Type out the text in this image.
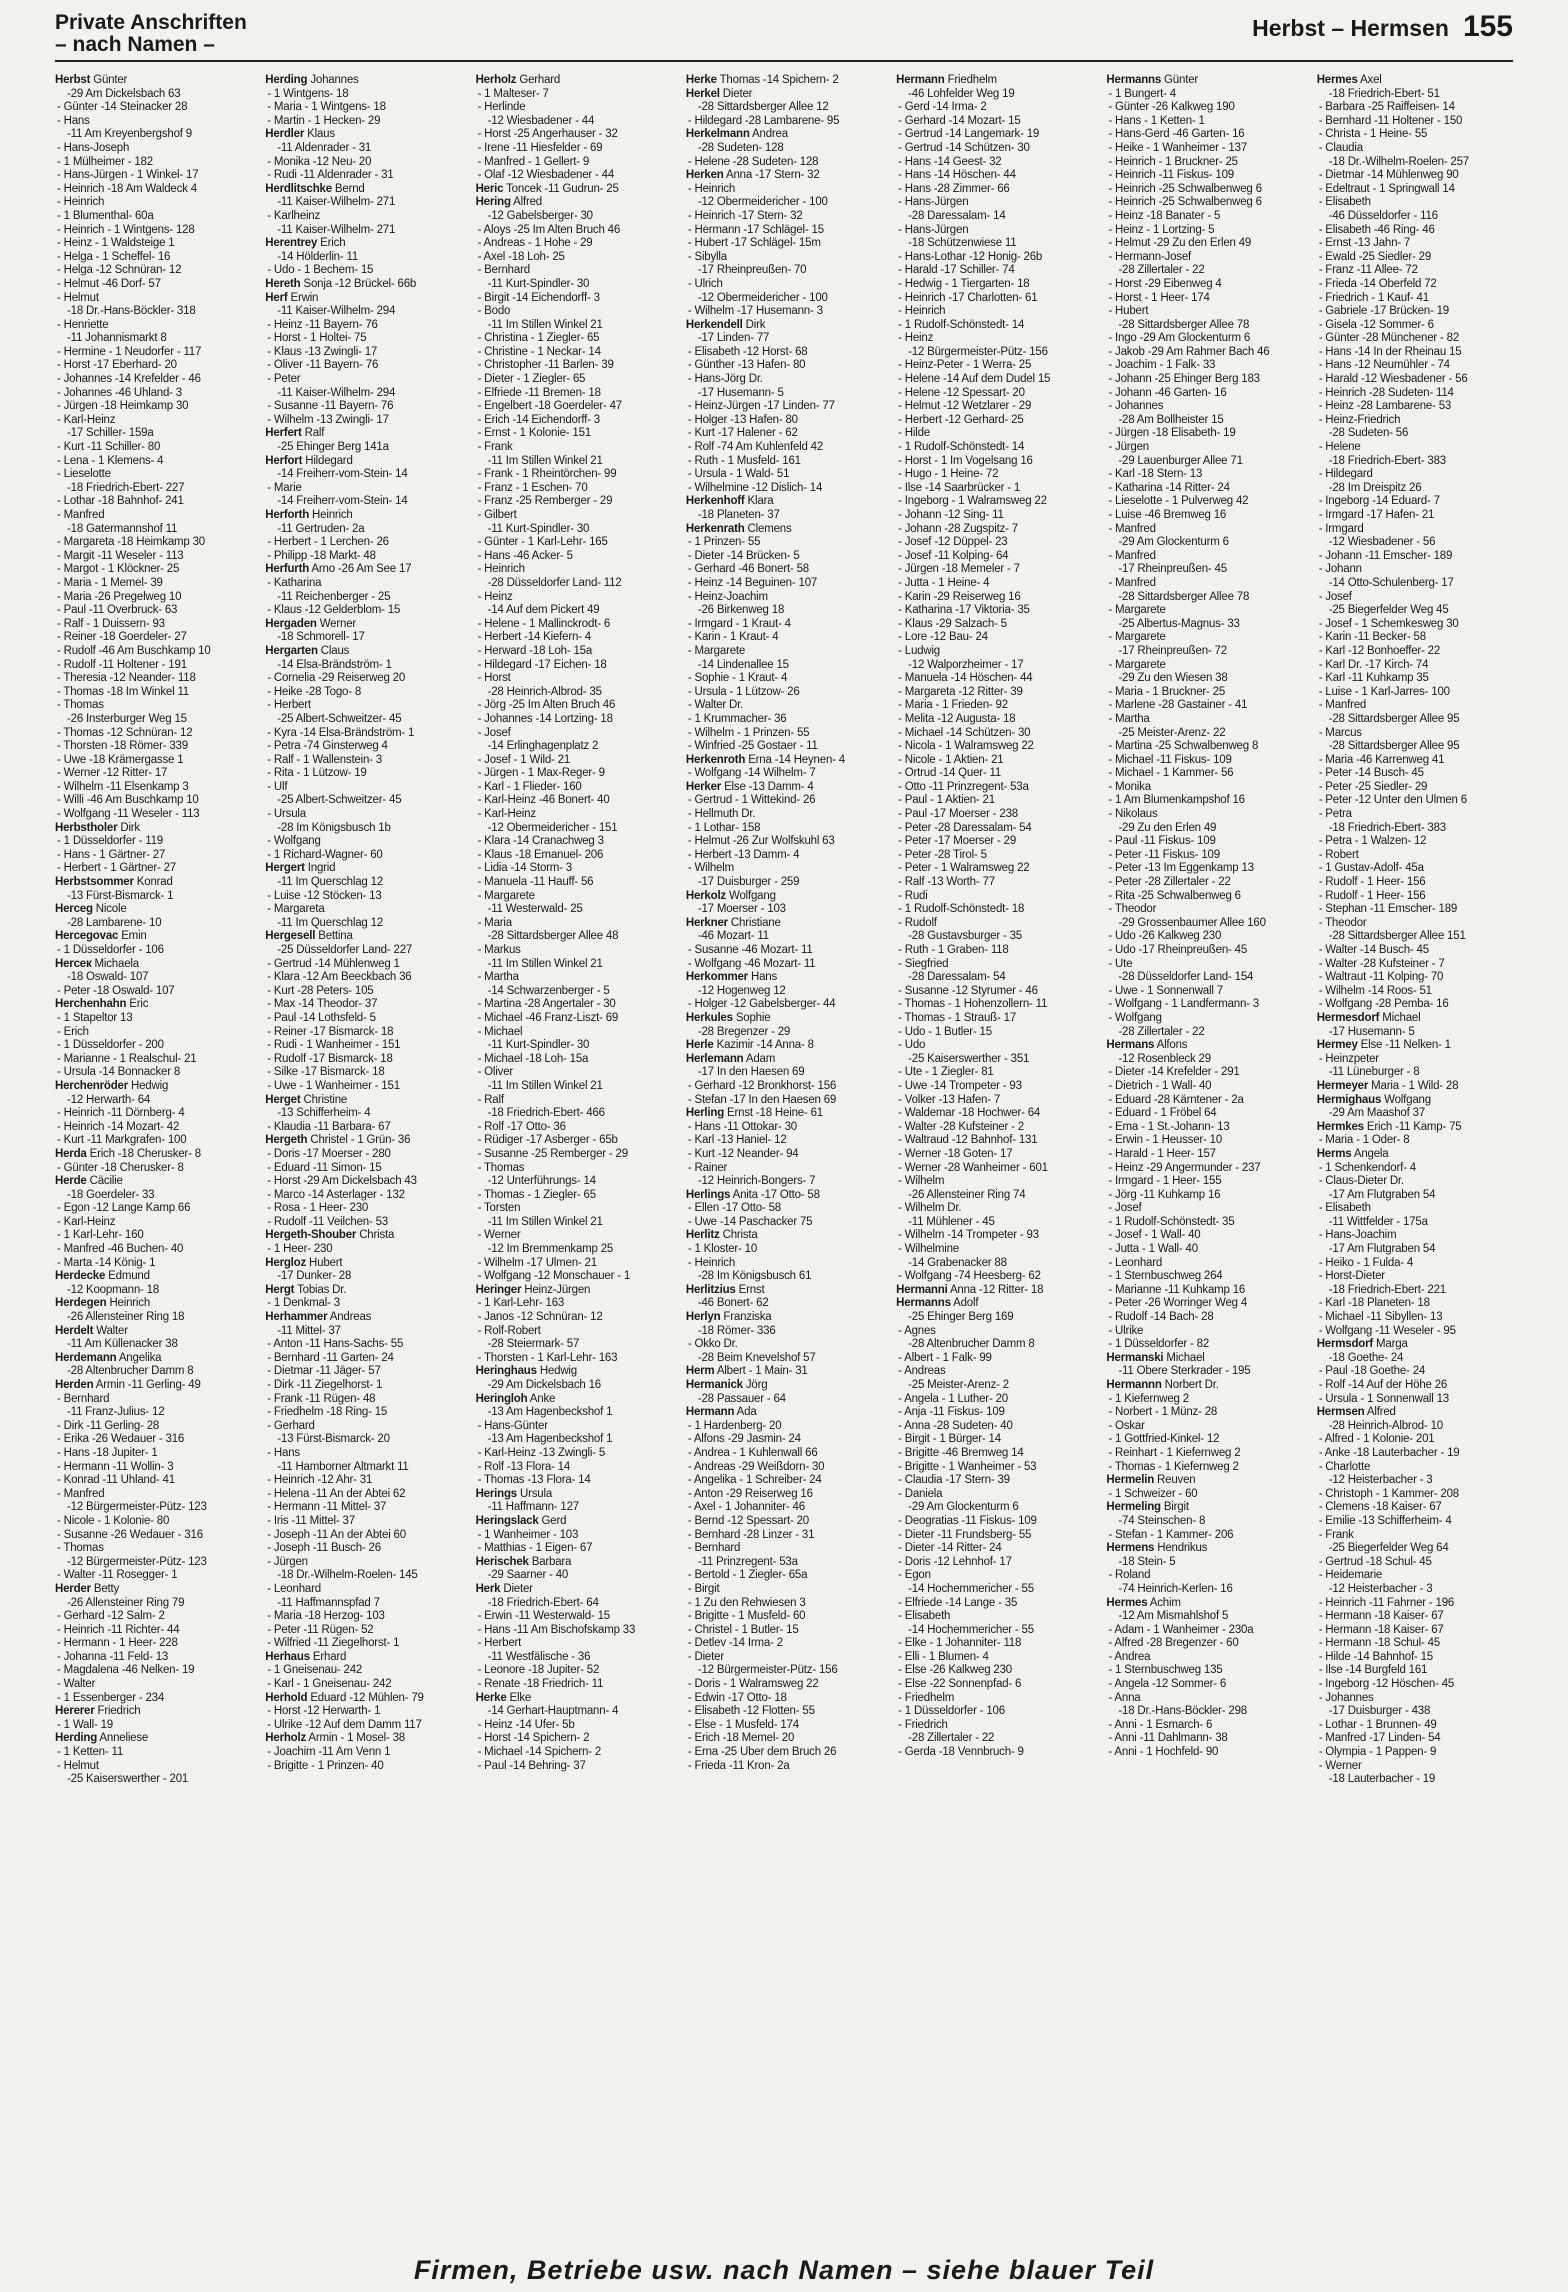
Private Anschriften
– nach Namen –
Herbst – Hermsen 155
Herbst Günter
-29 Am Dickelsbach 63
- Günter -14 Steinacker 28
- Hans
-11 Am Kreyenbergshof 9
- Hans-Joseph
- 1 Mülheimer - 182
- Hans-Jürgen - 1 Winkel- 17
- Heinrich -18 Am Waldeck 4
- Heinrich
- 1 Blumenthal- 60a
- Heinrich - 1 Wintgens- 128
- Heinz - 1 Waldsteige 1
- Helga - 1 Scheffel- 16
- Helga -12 Schnüran- 12
- Helmut -46 Dorf- 57
- Helmut
-18 Dr.-Hans-Böckler- 318
- Henriette
-11 Johannismarkt 8
- Hermine - 1 Neudorfer - 117
- Horst -17 Eberhard- 20
- Johannes -14 Krefelder - 46
- Johannes -46 Uhland- 3
- Jürgen -18 Heimkamp 30
- Karl-Heinz
-17 Schiller- 159a
- Kurt -11 Schiller- 80
- Lena - 1 Klemens- 4
- Lieselotte
-18 Friedrich-Ebert- 227
- Lothar -18 Bahnhof- 241
- Manfred
-18 Gatermannshof 11
- Margareta -18 Heimkamp 30
- Margit -11 Weseler - 113
- Margot - 1 Klöckner- 25
- Maria - 1 Memel- 39
- Maria -26 Pregelweg 10
- Paul -11 Overbruck- 63
- Ralf - 1 Duissern- 93
- Reiner -18 Goerdeler- 27
- Rudolf -46 Am Buschkamp 10
- Rudolf -11 Holtener - 191
- Theresia -12 Neander- 118
- Thomas -18 Im Winkel 11
- Thomas
-26 Insterburger Weg 15
- Thomas -12 Schnüran- 12
- Thorsten -18 Römer- 339
- Uwe -18 Krämergasse 1
- Werner -12 Ritter- 17
- Wilhelm -11 Elsenkamp 3
- Willi -46 Am Buschkamp 10
- Wolfgang -11 Weseler - 113
Herbstholer Dirk
- 1 Düsseldorfer - 119
- Hans - 1 Gärtner- 27
- Herbert - 1 Gärtner- 27
Herbstsommer Konrad
-13 Fürst-Bismarck- 1
Herceg Nicole
-28 Lambarene- 10
Hercegovac Emin
- 1 Düsseldorfer - 106
Herceк Michaela
-18 Oswald- 107
- Peter -18 Oswald- 107
Herchenhahn Eric
- 1 Stapeltor 13
- Erich
- 1 Düsseldorfer - 200
- Marianne - 1 Realschul- 21
- Ursula -14 Bonnacker 8
Herchenröder Hedwig
-12 Herwarth- 64
- Heinrich -11 Dörnberg- 4
- Heinrich -14 Mozart- 42
- Kurt -11 Markgrafen- 100
Herda Erich -18 Cherusker- 8
- Günter -18 Cherusker- 8
Herde Cäcilie
-18 Goerdeler- 33
- Egon -12 Lange Kamp 66
- Karl-Heinz
- 1 Karl-Lehr- 160
- Manfred -46 Buchen- 40
- Marta -14 König- 1
Herdecke Edmund
-12 Koopmann- 18
Herdegen Heinrich
-26 Allensteiner Ring 18
Herdelt Walter
-11 Am Küllenacker 38
Herdemann Angelika
-28 Altenbrucher Damm 8
Herden Armin -11 Gerling- 49
- Bernhard
-11 Franz-Julius- 12
- Dirk -11 Gerling- 28
- Erika -26 Wedauer - 316
- Hans -18 Jupiter- 1
- Hermann -11 Wollin- 3
- Konrad -11 Uhland- 41
- Manfred
-12 Bürgermeister-Pütz- 123
- Nicole - 1 Kolonie- 80
- Susanne -26 Wedauer - 316
- Thomas
-12 Bürgermeister-Pütz- 123
- Walter -11 Rosegger- 1
Herder Betty
-26 Allensteiner Ring 79
- Gerhard -12 Salm- 2
- Heinrich -11 Richter- 44
- Hermann - 1 Heer- 228
- Johanna -11 Feld- 13
- Magdalena -46 Nelken- 19
- Walter
- 1 Essenberger - 234
Hererer Friedrich
- 1 Wall- 19
Herding Anneliese
- 1 Ketten- 11
- Helmut
-25 Kaiserswerther - 201
Herding Johannes
- 1 Wintgens- 18
- Maria - 1 Wintgens- 18
- Martin - 1 Hecken- 29
Herdler Klaus
-11 Aldenrader - 31
- Monika -12 Neu- 20
- Rudi -11 Aldenrader - 31
Herdlitschke Bernd
-11 Kaiser-Wilhelm- 271
- Karlheinz
-11 Kaiser-Wilhelm- 271
Herentrey Erich
-14 Hölderlin- 11
- Udo - 1 Bechem- 15
Hereth Sonja -12 Brückel- 66b
Herf Erwin
-11 Kaiser-Wilhelm- 294
- Heinz -11 Bayern- 76
- Horst - 1 Holtei- 75
- Klaus -13 Zwingli- 17
- Oliver -11 Bayern- 76
- Peter
-11 Kaiser-Wilhelm- 294
- Susanne -11 Bayern- 76
- Wilhelm -13 Zwingli- 17
Herfert Ralf
-25 Ehinger Berg 141a
Herfort Hildegard
-14 Freiherr-vom-Stein- 14
- Marie
-14 Freiherr-vom-Stein- 14
Herforth Heinrich
-11 Gertruden- 2a
- Herbert - 1 Lerchen- 26
- Philipp -18 Markt- 48
Herfurth Arno -26 Am See 17
- Katharina
-11 Reichenberger - 25
- Klaus -12 Gelderblom- 15
Hergaden Werner
-18 Schmorell- 17
Hergarten Claus
-14 Elsa-Brändström- 1
- Cornelia -29 Reiserweg 20
- Heike -28 Togo- 8
- Herbert
-25 Albert-Schweitzer- 45
- Kyra -14 Elsa-Brändström- 1
- Petra -74 Ginsterweg 4
- Ralf - 1 Wallenstein- 3
- Rita - 1 Lützow- 19
- Ulf
-25 Albert-Schweitzer- 45
- Ursula
-28 Im Königsbusch 1b
- Wolfgang
- 1 Richard-Wagner- 60
Hergert Ingrid
-11 Im Querschlag 12
- Luise -12 Stöcken- 13
- Margareta
-11 Im Querschlag 12
Hergesell Bettina
-25 Düsseldorfer Land- 227
- Gertrud -14 Mühlenweg 1
- Klara -12 Am Beeckbach 36
- Kurt -28 Peters- 105
- Max -14 Theodor- 37
- Paul -14 Lothsfeld- 5
- Reiner -17 Bismarck- 18
- Rudi - 1 Wanheimer - 151
- Rudolf -17 Bismarck- 18
- Silke -17 Bismarck- 18
- Uwe - 1 Wanheimer - 151
Herget Christine
-13 Schifferheim- 4
- Klaudia -11 Barbara- 67
Hergeth Christel - 1 Grün- 36
- Doris -17 Moerser - 280
- Eduard -11 Simon- 15
- Horst -29 Am Dickelsbach 43
- Marco -14 Asterlager - 132
- Rosa - 1 Heer- 230
- Rudolf -11 Veilchen- 53
Hergeth-Shouber Christa
- 1 Heer- 230
Hergloz Hubert
-17 Dunker- 28
Hergt Tobias Dr.
- 1 Denkmal- 3
Herhammer Andreas
-11 Mittel- 37
- Anton -11 Hans-Sachs- 55
- Bernhard -11 Garten- 24
- Dietmar -11 Jäger- 57
- Dirk -11 Ziegelhorst- 1
- Frank -11 Rügen- 48
- Friedhelm -18 Ring- 15
- Gerhard
-13 Fürst-Bismarck- 20
- Hans
-11 Hamborner Altmarkt 11
- Heinrich -12 Ahr- 31
- Helena -11 An der Abtei 62
- Hermann -11 Mittel- 37
- Iris -11 Mittel- 37
- Joseph -11 An der Abtei 60
- Joseph -11 Busch- 26
- Jürgen
-18 Dr.-Wilhelm-Roelen- 145
- Leonhard
-11 Haffmannspfad 7
- Maria -18 Herzog- 103
- Peter -11 Rügen- 52
- Wilfried -11 Ziegelhorst- 1
Herhaus Erhard
- 1 Gneisenau- 242
- Karl - 1 Gneisenau- 242
Herhold Eduard -12 Mühlen- 79
- Horst -12 Herwarth- 1
- Ulrike -12 Auf dem Damm 117
Herholz Armin - 1 Mosel- 38
- Joachim -11 Am Venn 1
- Brigitte - 1 Prinzen- 40
Herholz Gerhard
- 1 Malteser- 7
- Herlinde
-12 Wiesbadener - 44
- Horst -25 Angerhauser - 32
- Irene -11 Hiesfelder - 69
- Manfred - 1 Gellert- 9
- Olaf -12 Wiesbadener - 44
Heric Toncek -11 Gudrun- 25
Hering Alfred
-12 Gabelsberger- 30
- Aloys -25 Im Alten Bruch 46
- Andreas - 1 Hohe - 29
- Axel -18 Loh- 25
- Bernhard
-11 Kurt-Spindler- 30
- Birgit -14 Eichendorff- 3
- Bodo
-11 Im Stillen Winkel 21
- Christina - 1 Ziegler- 65
- Christine - 1 Neckar- 14
- Christopher -11 Barlen- 39
- Dieter - 1 Ziegler- 65
- Elfriede -11 Bremen- 18
- Engelbert -18 Goerdeler- 47
- Erich -14 Eichendorff- 3
- Ernst - 1 Kolonie- 151
- Frank
-11 Im Stillen Winkel 21
- Frank - 1 Rheintörchen- 99
- Franz - 1 Eschen- 70
- Franz -25 Remberger - 29
- Gilbert
-11 Kurt-Spindler- 30
- Günter - 1 Karl-Lehr- 165
- Hans -46 Acker- 5
- Heinrich
-28 Düsseldorfer Land- 112
- Heinz
-14 Auf dem Pickert 49
- Helene - 1 Mallinckrodt- 6
- Herbert -14 Kiefern- 4
- Herward -18 Loh- 15a
- Hildegard -17 Eichen- 18
- Horst
-28 Heinrich-Albrod- 35
- Jörg -25 Im Alten Bruch 46
- Johannes -14 Lortzing- 18
- Josef
-14 Erlinghagenplatz 2
- Josef - 1 Wild- 21
- Jürgen - 1 Max-Reger- 9
- Karl - 1 Flieder- 160
- Karl-Heinz -46 Bonert- 40
- Karl-Heinz
-12 Obermeidericher - 151
- Klara -14 Cranachweg 3
- Klaus -18 Emanuel- 206
- Lidia -14 Storm- 3
- Manuela -11 Hauff- 56
- Margarete
-11 Westerwald- 25
- Maria
-28 Sittardsberger Allee 48
- Markus
-11 Im Stillen Winkel 21
- Martha
-14 Schwarzenberger - 5
- Martina -28 Angertaler - 30
- Michael -46 Franz-Liszt- 69
- Michael
-11 Kurt-Spindler- 30
- Michael -18 Loh- 15a
- Oliver
-11 Im Stillen Winkel 21
- Ralf
-18 Friedrich-Ebert- 466
- Rolf -17 Otto- 36
- Rüdiger -17 Asberger - 65b
- Susanne -25 Remberger - 29
- Thomas
-12 Unterführungs- 14
- Thomas - 1 Ziegler- 65
- Torsten
-11 Im Stillen Winkel 21
- Werner
-12 Im Bremmenkamp 25
- Wilhelm -17 Ulmen- 21
- Wolfgang -12 Monschauer - 1
Heringer Heinz-Jürgen
- 1 Karl-Lehr- 163
- Janos -12 Schnüran- 12
- Rolf-Robert
-28 Steiermark- 57
- Thorsten - 1 Karl-Lehr- 163
Heringhaus Hedwig
-29 Am Dickelsbach 16
Heringloh Anke
-13 Am Hagenbeckshof 1
- Hans-Günter
-13 Am Hagenbeckshof 1
- Karl-Heinz -13 Zwingli- 5
- Rolf -13 Flora- 14
- Thomas -13 Flora- 14
Herings Ursula
-11 Haffmann- 127
Heringslack Gerd
- 1 Wanheimer - 103
- Matthias - 1 Eigen- 67
Herischek Barbara
-29 Saarner - 40
Herk Dieter
-18 Friedrich-Ebert- 64
- Erwin -11 Westerwald- 15
- Hans -11 Am Bischofskamp 33
- Herbert
-11 Westfälische - 36
- Leonore -18 Jupiter- 52
- Renate -18 Friedrich- 11
Herke Elke
-14 Gerhart-Hauptmann- 4
- Heinz -14 Ufer- 5b
- Horst -14 Spichern- 2
- Michael -14 Spichern- 2
- Paul -14 Behring- 37
Herke Thomas -14 Spichern- 2
Herkel Dieter
-28 Sittardsberger Allee 12
- Hildegard -28 Lambarene- 95
Herkelmann Andrea
-28 Sudeten- 128
- Helene -28 Sudeten- 128
Herken Anna -17 Stern- 32
- Heinrich
-12 Obermeidericher - 100
- Heinrich -17 Stern- 32
- Hermann -17 Schlägel- 15
- Hubert -17 Schlägel- 15m
- Sibylla
-17 Rheinpreußen- 70
- Ulrich
-12 Obermeidericher - 100
- Wilhelm -17 Husemann- 3
Herkendell Dirk
-17 Linden- 77
- Elisabeth -12 Horst- 68
- Günther -13 Hafen- 80
- Hans-Jörg Dr.
-17 Husemann- 5
- Heinz-Jürgen -17 Linden- 77
- Holger -13 Hafen- 80
- Kurt -17 Halener - 62
- Rolf -74 Am Kuhlenfeld 42
- Ruth - 1 Musfeld- 161
- Ursula - 1 Wald- 51
- Wilhelmine -12 Dislich- 14
Herkenhoff Klara
-18 Planeten- 37
Herkenrath Clemens
- 1 Prinzen- 55
- Dieter -14 Brücken- 5
- Gerhard -46 Bonert- 58
- Heinz -14 Beguinen- 107
- Heinz-Joachim
-26 Birkenweg 18
- Irmgard - 1 Kraut- 4
- Karin - 1 Kraut- 4
- Margarete
-14 Lindenallee 15
- Sophie - 1 Kraut- 4
- Ursula - 1 Lützow- 26
- Walter Dr.
- 1 Krummacher- 36
- Wilhelm - 1 Prinzen- 55
- Winfried -25 Gostaer - 11
Herkenroth Erna -14 Heynen- 4
- Wolfgang -14 Wilhelm- 7
Herker Else -13 Damm- 4
- Gertrud - 1 Wittekind- 26
- Hellmuth Dr.
- 1 Lothar- 158
- Helmut -26 Zur Wolfskuhl 63
- Herbert -13 Damm- 4
- Wilhelm
-17 Duisburger - 259
Herkolz Wolfgang
-17 Moerser - 103
Herkner Christiane
-46 Mozart- 11
- Susanne -46 Mozart- 11
- Wolfgang -46 Mozart- 11
Herkommer Hans
-12 Hogenweg 12
- Holger -12 Gabelsberger- 44
Herkules Sophie
-28 Bregenzer - 29
Herle Kazimir -14 Anna- 8
Herlemann Adam
-17 In den Haesen 69
- Gerhard -12 Bronkhorst- 156
- Stefan -17 In den Haesen 69
Herling Ernst -18 Heine- 61
- Hans -11 Ottokar- 30
- Karl -13 Haniel- 12
- Kurt -12 Neander- 94
- Rainer
-12 Heinrich-Bongers- 7
Herlings Anita -17 Otto- 58
- Ellen -17 Otto- 58
- Uwe -14 Paschacker 75
Herlitz Christa
- 1 Kloster- 10
- Heinrich
-28 Im Königsbusch 61
Herlitzius Ernst
-46 Bonert- 62
Herlyn Franziska
-18 Römer- 336
- Okko Dr.
-28 Beim Knevelshof 57
Herm Albert - 1 Main- 31
Hermanick Jörg
-28 Passauer - 64
Hermann Ada
- 1 Hardenberg- 20
- Alfons -29 Jasmin- 24
- Andrea - 1 Kuhlenwall 66
- Andreas -29 Weißdorn- 30
- Angelika - 1 Schreiber- 24
- Anton -29 Reiserweg 16
- Axel - 1 Johanniter- 46
- Bernd -12 Spessart- 20
- Bernhard -28 Linzer - 31
- Bernhard
-11 Prinzregent- 53a
- Bertold - 1 Ziegler- 65a
- Birgit
- 1 Zu den Rehwiesen 3
- Brigitte - 1 Musfeld- 60
- Christel - 1 Butler- 15
- Detlev -14 Irma- 2
- Dieter
-12 Bürgermeister-Pütz- 156
- Doris - 1 Walramsweg 22
- Edwin -17 Otto- 18
- Elisabeth -12 Flotten- 55
- Else - 1 Musfeld- 174
- Erich -18 Memel- 20
- Erna -25 Über dem Bruch 26
- Frieda -11 Kron- 2a
Hermann Friedhelm
-46 Lohfelder Weg 19
- Gerd -14 Irma- 2
- Gerhard -14 Mozart- 15
- Gertrud -14 Langemark- 19
- Gertrud -14 Schützen- 30
- Hans -14 Geest- 32
- Hans -14 Höschen- 44
- Hans -28 Zimmer- 66
- Hans-Jürgen
-28 Daressalam- 14
- Hans-Jürgen
-18 Schützenwiese 11
- Hans-Lothar -12 Honig- 26b
- Harald -17 Schiller- 74
- Hedwig - 1 Tiergarten- 18
- Heinrich -17 Charlotten- 61
- Heinrich
- 1 Rudolf-Schönstedt- 14
- Heinz
-12 Bürgermeister-Pütz- 156
- Heinz-Peter - 1 Werra- 25
- Helene -14 Auf dem Dudel 15
- Helene -12 Spessart- 20
- Helmut -12 Wetzlarer - 29
- Herbert -12 Gerhard- 25
- Hilde
- 1 Rudolf-Schönstedt- 14
- Horst - 1 Im Vogelsang 16
- Hugo - 1 Heine- 72
- Ilse -14 Saarbrücker - 1
- Ingeborg - 1 Walramsweg 22
- Johann -12 Sing- 11
- Johann -28 Zugspitz- 7
- Josef -12 Düppel- 23
- Josef -11 Kolping- 64
- Jürgen -18 Memeler - 7
- Jutta - 1 Heine- 4
- Karin -29 Reiserweg 16
- Katharina -17 Viktoria- 35
- Klaus -29 Salzach- 5
- Lore -12 Bau- 24
- Ludwig
-12 Walporzheimer - 17
- Manuela -14 Höschen- 44
- Margareta -12 Ritter- 39
- Maria - 1 Frieden- 92
- Melita -12 Augusta- 18
- Michael -14 Schützen- 30
- Nicola - 1 Walramsweg 22
- Nicole - 1 Aktien- 21
- Ortrud -14 Quer- 11
- Otto -11 Prinzregent- 53a
- Paul - 1 Aktien- 21
- Paul -17 Moerser - 238
- Peter -28 Daressalam- 54
- Peter -17 Moerser - 29
- Peter -28 Tirol- 5
- Peter - 1 Walramsweg 22
- Ralf -13 Worth- 77
- Rudi
- 1 Rudolf-Schönstedt- 18
- Rudolf
-28 Gustavsburger - 35
- Ruth - 1 Graben- 118
- Siegfried
-28 Daressalam- 54
- Susanne -12 Styrumer - 46
- Thomas - 1 Hohenzollern- 11
- Thomas - 1 Strauß- 17
- Udo - 1 Butler- 15
- Udo
-25 Kaiserswerther - 351
- Ute - 1 Ziegler- 81
- Uwe -14 Trompeter - 93
- Volker -13 Hafen- 7
- Waldemar -18 Hochwer- 64
- Walter -28 Kufsteiner - 2
- Waltraud -12 Bahnhof- 131
- Werner -18 Goten- 17
- Werner -28 Wanheimer - 601
- Wilhelm
-26 Allensteiner Ring 74
- Wilhelm Dr.
-11 Mühlener - 45
- Wilhelm -14 Trompeter - 93
- Wilhelmine
-14 Grabenacker 88
- Wolfgang -74 Heesberg- 62
Hermanni Anna -12 Ritter- 18
Hermanns Adolf
-25 Ehinger Berg 169
- Agnes
-28 Altenbrucher Damm 8
- Albert - 1 Falk- 99
- Andreas
-25 Meister-Arenz- 2
- Angela - 1 Luther- 20
- Anja -11 Fiskus- 109
- Anna -28 Sudeten- 40
- Birgit - 1 Bürger- 14
- Brigitte -46 Bremweg 14
- Brigitte - 1 Wanheimer - 53
- Claudia -17 Stern- 39
- Daniela
-29 Am Glockenturm 6
- Deogratias -11 Fiskus- 109
- Dieter -11 Frundsberg- 55
- Dieter -14 Ritter- 24
- Doris -12 Lehnhof- 17
- Egon
-14 Hochemmericher - 55
- Elfriede -14 Lange - 35
- Elisabeth
-14 Hochemmericher - 55
- Elke - 1 Johanniter- 118
- Elli - 1 Blumen- 4
- Else -26 Kalkweg 230
- Else -22 Sonnenpfad- 6
- Friedhelm
- 1 Düsseldorfer - 106
- Friedrich
-28 Zillertaler - 22
- Gerda -18 Vennbruch- 9
Hermanns Günter
- 1 Bungert- 4
- Günter -26 Kalkweg 190
- Hans - 1 Ketten- 1
- Hans-Gerd -46 Garten- 16
- Heike - 1 Wanheimer - 137
- Heinrich - 1 Bruckner- 25
- Heinrich -11 Fiskus- 109
- Heinrich -25 Schwalbenweg 6
- Heinrich -25 Schwalbenweg 6
- Heinz -18 Banater - 5
- Heinz - 1 Lortzing- 5
- Helmut -29 Zu den Erlen 49
- Hermann-Josef
-28 Zillertaler - 22
- Horst -29 Eibenweg 4
- Horst - 1 Heer- 174
- Hubert
-28 Sittardsberger Allee 78
- Ingo -29 Am Glockenturm 6
- Jakob -29 Am Rahmer Bach 46
- Joachim - 1 Falk- 33
- Johann -25 Ehinger Berg 183
- Johann -46 Garten- 16
- Johannes
-28 Am Bollheister 15
- Jürgen -18 Elisabeth- 19
- Jürgen
-29 Lauenburger Allee 71
- Karl -18 Stern- 13
- Katharina -14 Ritter- 24
- Lieselotte - 1 Pulverweg 42
- Luise -46 Bremweg 16
- Manfred
-29 Am Glockenturm 6
- Manfred
-17 Rheinpreußen- 45
- Manfred
-28 Sittardsberger Allee 78
- Margarete
-25 Albertus-Magnus- 33
- Margarete
-17 Rheinpreußen- 72
- Margarete
-29 Zu den Wiesen 38
- Maria - 1 Bruckner- 25
- Marlene -28 Gastainer - 41
- Martha
-25 Meister-Arenz- 22
- Martina -25 Schwalbenweg 8
- Michael -11 Fiskus- 109
- Michael - 1 Kammer- 56
- Monika
- 1 Am Blumenkampshof 16
- Nikolaus
-29 Zu den Erlen 49
- Paul -11 Fiskus- 109
- Peter -11 Fiskus- 109
- Peter -13 Im Eggenkamp 13
- Peter -28 Zillertaler - 22
- Rita -25 Schwalbenweg 6
- Theodor
-29 Grossenbaumer Allee 160
- Udo -26 Kalkweg 230
- Udo -17 Rheinpreußen- 45
- Ute
-28 Düsseldorfer Land- 154
- Uwe - 1 Sonnenwall 7
- Wolfgang - 1 Landfermann- 3
- Wolfgang
-28 Zillertaler - 22
Hermans Alfons
-12 Rosenbleck 29
- Dieter -14 Krefelder - 291
- Dietrich - 1 Wall- 40
- Eduard -28 Kärntener - 2a
- Eduard - 1 Fröbel 64
- Ema - 1 St.-Johann- 13
- Erwin - 1 Heusser- 10
- Harald - 1 Heer- 157
- Heinz -29 Angermunder - 237
- Irmgard - 1 Heer- 155
- Jörg -11 Kuhkamp 16
- Josef
- 1 Rudolf-Schönstedt- 35
- Josef - 1 Wall- 40
- Jutta - 1 Wall- 40
- Leonhard
- 1 Sternbuschweg 264
- Marianne -11 Kuhkamp 16
- Peter -26 Worringer Weg 4
- Rudolf -14 Bach- 28
- Ulrike
- 1 Düsseldorfer - 82
Hermanski Michael
-11 Obere Sterkrader - 195
Hermannn Norbert Dr.
- 1 Kiefernweg 2
- Norbert - 1 Münz- 28
- Oskar
- 1 Gottfried-Kinkel- 12
- Reinhart - 1 Kiefernweg 2
- Thomas - 1 Kiefernweg 2
Hermelin Reuven
- 1 Schweizer - 60
Hermeling Birgit
-74 Steinschen- 8
- Stefan - 1 Kammer- 206
Hermens Hendrikus
-18 Stein- 5
- Roland
-74 Heinrich-Kerlen- 16
Hermes Achim
-12 Am Mismahlshof 5
- Adam - 1 Wanheimer - 230a
- Alfred -28 Bregenzer - 60
- Andrea
- 1 Sternbuschweg 135
- Angela -12 Sommer- 6
- Anna
-18 Dr.-Hans-Böckler- 298
- Anni - 1 Esmarch- 6
- Anni -11 Dahlmann- 38
- Anni - 1 Hochfeld- 90
Hermes Axel
-18 Friedrich-Ebert- 51
- Barbara -25 Raiffeisen- 14
- Bernhard -11 Holtener - 150
- Christa - 1 Heine- 55
- Claudia
-18 Dr.-Wilhelm-Roelen- 257
- Dietmar -14 Mühlenweg 90
- Edeltraut - 1 Springwall 14
- Elisabeth
-46 Düsseldorfer - 116
- Elisabeth -46 Ring- 46
- Ernst -13 Jahn- 7
- Ewald -25 Siedler- 29
- Franz -11 Allee- 72
- Frieda -14 Oberfeld 72
- Friedrich - 1 Kauf- 41
- Gabriele -17 Brücken- 19
- Gisela -12 Sommer- 6
- Günter -28 Münchener - 82
- Hans -14 In der Rheinau 15
- Hans -12 Neumühler - 74
- Harald -12 Wiesbadener - 56
- Heinrich -28 Sudeten- 114
- Heinz -28 Lambarene- 53
- Heinz-Friedrich
-28 Sudeten- 56
- Helene
-18 Friedrich-Ebert- 383
- Hildegard
-28 Im Dreispitz 26
- Ingeborg -14 Eduard- 7
- Irmgard -17 Hafen- 21
- Irmgard
-12 Wiesbadener - 56
- Johann -11 Emscher- 189
- Johann
-14 Otto-Schulenberg- 17
- Josef
-25 Biegerfelder Weg 45
- Josef - 1 Schemkesweg 30
- Karin -11 Becker- 58
- Karl -12 Bonhoeffer- 22
- Karl Dr. -17 Kirch- 74
- Karl -11 Kuhkamp 35
- Luise - 1 Karl-Jarres- 100
- Manfred
-28 Sittardsberger Allee 95
- Marcus
-28 Sittardsberger Allee 95
- Maria -46 Karrenweg 41
- Peter -14 Busch- 45
- Peter -25 Siedler- 29
- Peter -12 Unter den Ulmen 6
- Petra
-18 Friedrich-Ebert- 383
- Petra - 1 Walzen- 12
- Robert
- 1 Gustav-Adolf- 45a
- Rudolf - 1 Heer- 156
- Rudolf - 1 Heer- 156
- Stephan -11 Emscher- 189
- Theodor
-28 Sittardsberger Allee 151
- Walter -14 Busch- 45
- Walter -28 Kufsteiner - 7
- Waltraut -11 Kolping- 70
- Wilhelm -14 Roos- 51
- Wolfgang -28 Pemba- 16
Hermesdorf Michael
-17 Husemann- 5
Hermey Else -11 Nelken- 1
- Heinzpeter
-11 Lüneburger - 8
Hermeyer Maria - 1 Wild- 28
Hermighaus Wolfgang
-29 Am Maashof 37
Hermkes Erich -11 Kamp- 75
- Maria - 1 Oder- 8
Herms Angela
- 1 Schenkendorf- 4
- Claus-Dieter Dr.
-17 Am Flutgraben 54
- Elisabeth
-11 Wittfelder - 175a
- Hans-Joachim
-17 Am Flutgraben 54
- Heiko - 1 Fulda- 4
- Horst-Dieter
-18 Friedrich-Ebert- 221
- Karl -18 Planeten- 18
- Michael -11 Sibyllen- 13
- Wolfgang -11 Weseler - 95
Hermsdorf Marga
-18 Goethe- 24
- Paul -18 Goethe- 24
- Rolf -14 Auf der Höhe 26
- Ursula - 1 Sonnenwall 13
Hermsen Alfred
-28 Heinrich-Albrod- 10
- Alfred - 1 Kolonie- 201
- Anke -18 Lauterbacher - 19
- Charlotte
-12 Heisterbacher - 3
- Christoph - 1 Kammer- 208
- Clemens -18 Kaiser- 67
- Emilie -13 Schifferheim- 4
- Frank
-25 Biegerfelder Weg 64
- Gertrud -18 Schul- 45
- Heidemarie
-12 Heisterbacher - 3
- Heinrich -11 Fahrner - 196
- Hermann -18 Kaiser- 67
- Hermann -18 Kaiser- 67
- Hermann -18 Schul- 45
- Hilde -14 Bahnhof- 15
- Ilse -14 Burgfeld 161
- Ingeborg -12 Höschen- 45
- Johannes
-17 Duisburger - 438
- Lothar - 1 Brunnen- 49
- Manfred -17 Linden- 54
- Olympia - 1 Pappen- 9
- Werner
-18 Lauterbacher - 19
Firmen, Betriebe usw. nach Namen – siehe blauer Teil
